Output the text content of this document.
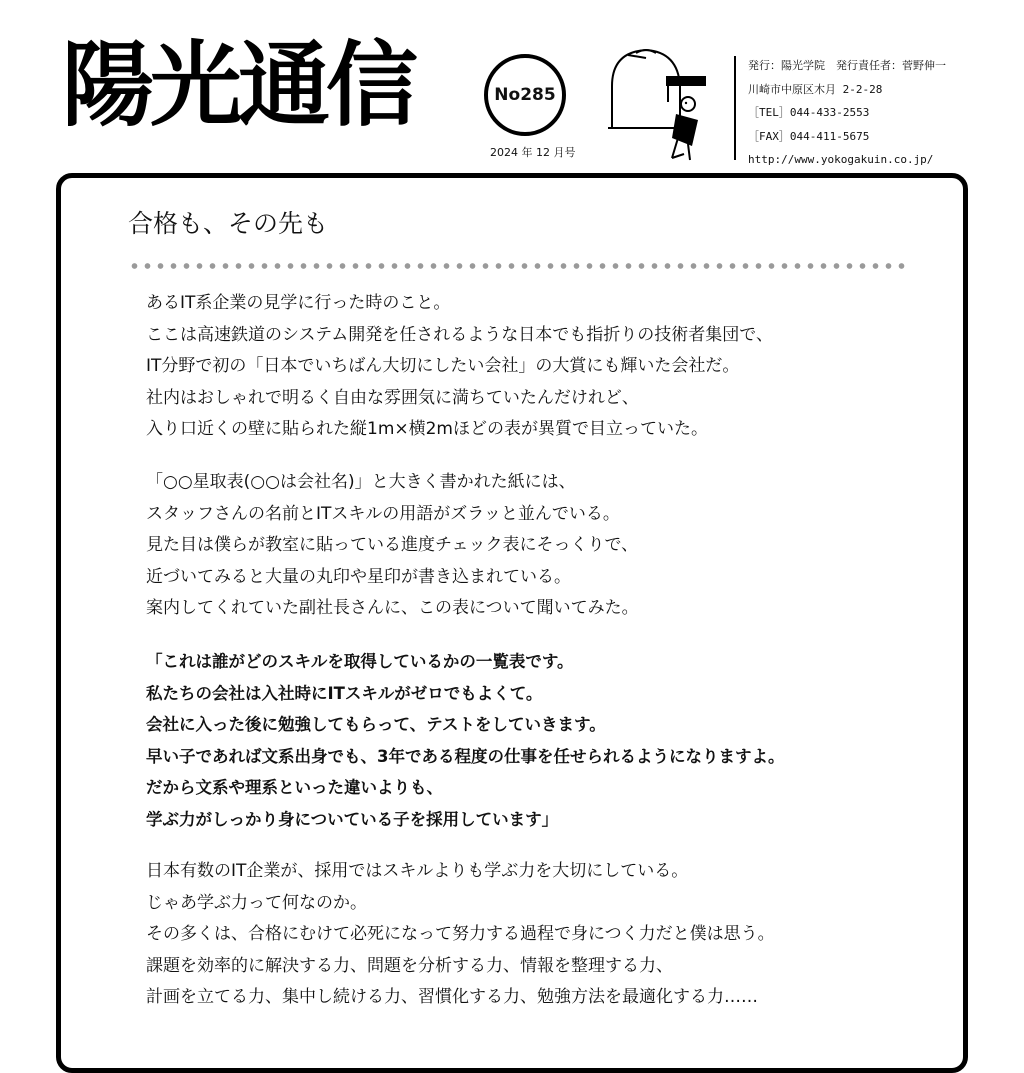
陽光通信	No285
2024 年 12 月号
発行：陽光学院　発行責任者：菅野伸一
川崎市中原区木月 2-2-28
［TEL］044-433-2553
［FAX］044-411-5675
http://www.yokogakuin.co.jp/
合格も、その先も
あるIT系企業の見学に行った時のこと。
ここは高速鉄道のシステム開発を任されるような日本でも指折りの技術者集団で、
IT分野で初の「日本でいちばん大切にしたい会社」の大賞にも輝いた会社だ。
社内はおしゃれで明るく自由な雰囲気に満ちていたんだけれど、
入り口近くの壁に貼られた縦1m×横2mほどの表が異質で目立っていた。
「○○星取表(○○は会社名)」と大きく書かれた紙には、
スタッフさんの名前とITスキルの用語がズラッと並んでいる。
見た目は僕らが教室に貼っている進度チェック表にそっくりで、
近づいてみると大量の丸印や星印が書き込まれている。
案内してくれていた副社長さんに、この表について聞いてみた。
「これは誰がどのスキルを取得しているかの一覧表です。
私たちの会社は入社時にITスキルがゼロでもよくて。
会社に入った後に勉強してもらって、テストをしていきます。
早い子であれば文系出身でも、3年である程度の仕事を任せられるようになりますよ。
だから文系や理系といった違いよりも、
学ぶ力がしっかり身についている子を採用しています」
日本有数のIT企業が、採用ではスキルよりも学ぶ力を大切にしている。
じゃあ学ぶ力って何なのか。
その多くは、合格にむけて必死になって努力する過程で身につく力だと僕は思う。
課題を効率的に解決する力、問題を分析する力、情報を整理する力、
計画を立てる力、集中し続ける力、習慣化する力、勉強方法を最適化する力……
